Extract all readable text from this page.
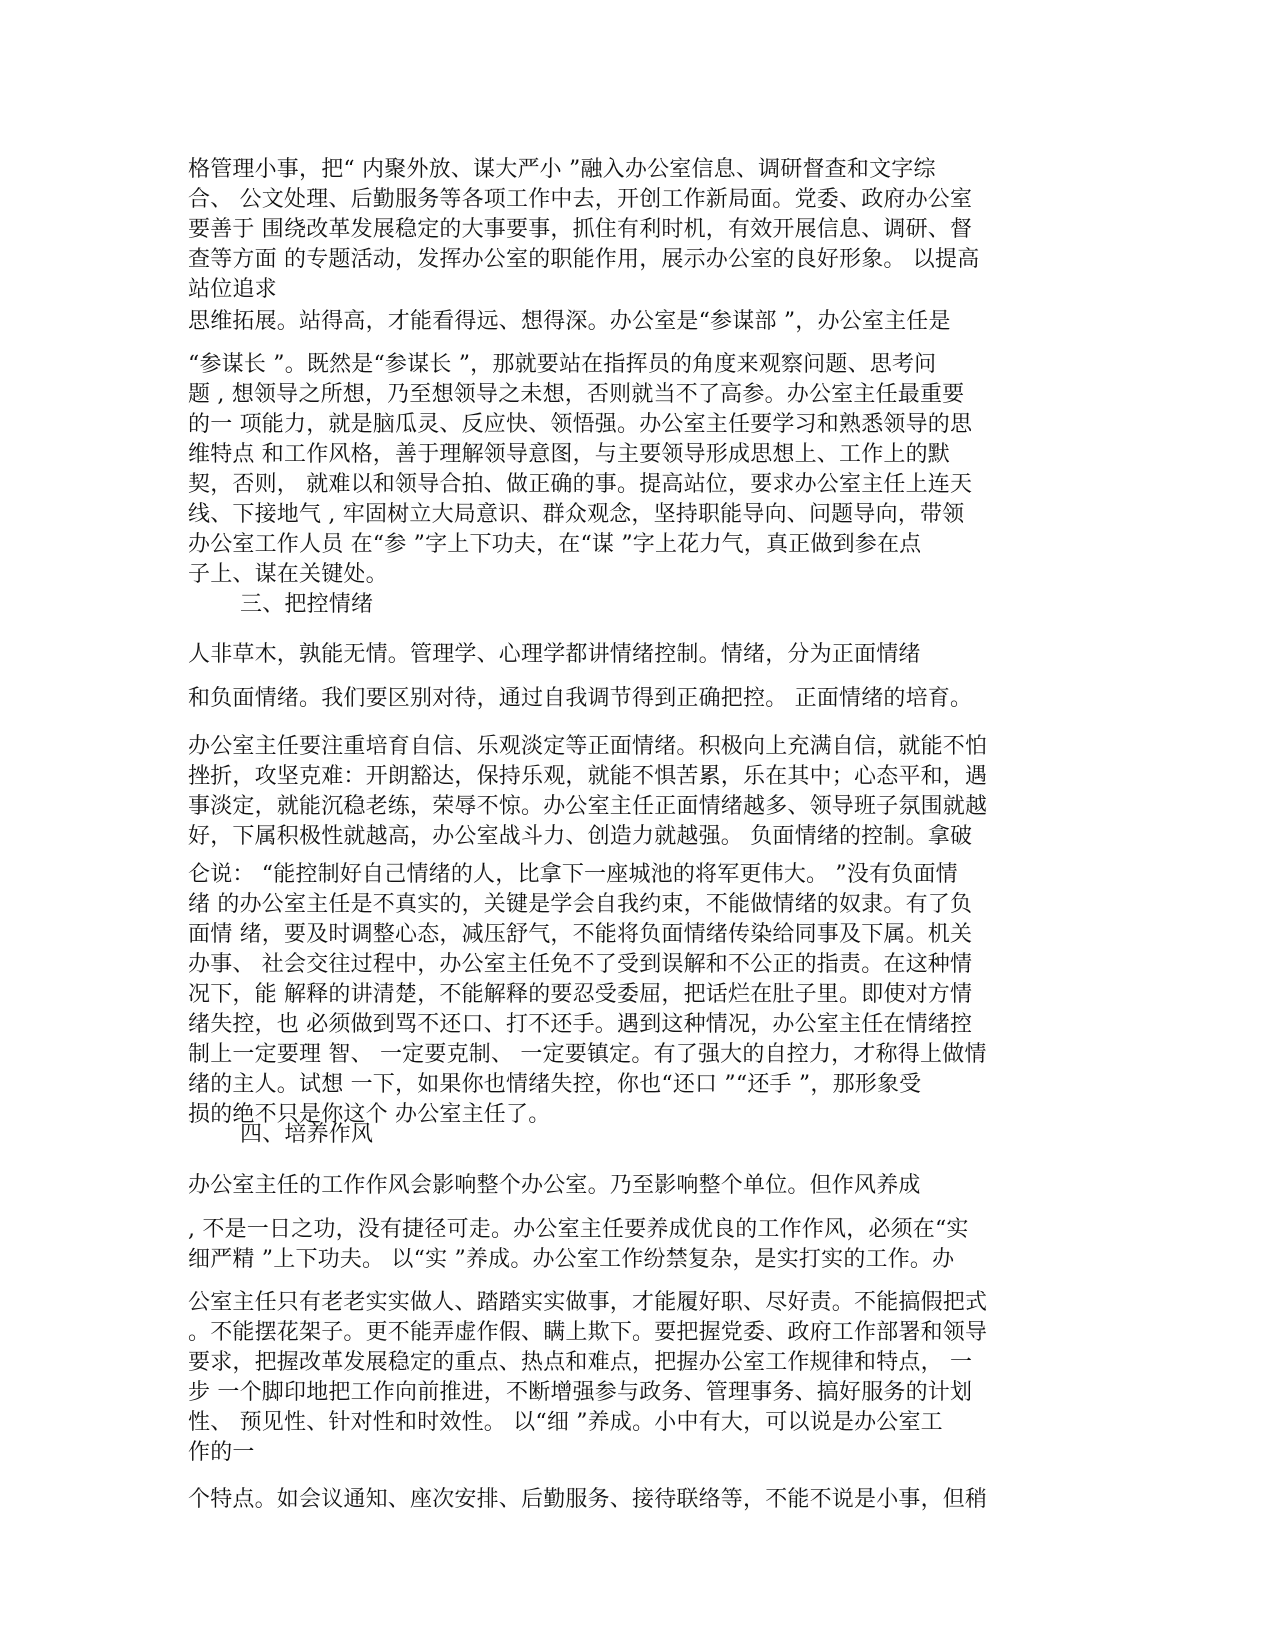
格管理小事，把“ 内聚外放、谋大严小 ”融入办公室信息、调研督查和文字综
合、 公文处理、后勤服务等各项工作中去，开创工作新局面。党委、政府办公室
要善于 围绕改革发展稳定的大事要事，抓住有利时机，有效开展信息、调研、督
查等方面 的专题活动，发挥办公室的职能作用，展示办公室的良好形象。 以提高
站位追求

思维拓展。站得高，才能看得远、想得深。办公室是“参谋部 ”，办公室主任是

“参谋长 ”。既然是“参谋长 ”，那就要站在指挥员的角度来观察问题、思考问
题 , 想领导之所想，乃至想领导之未想，否则就当不了高参。办公室主任最重要
的一 项能力，就是脑瓜灵、反应快、领悟强。办公室主任要学习和熟悉领导的思
维特点 和工作风格，善于理解领导意图，与主要领导形成思想上、工作上的默
契，否则， 就难以和领导合拍、做正确的事。提高站位，要求办公室主任上连天
线、下接地气 , 牢固树立大局意识、群众观念，坚持职能导向、问题导向，带领
办公室工作人员 在“参 ”字上下功夫，在“谋 ”字上花力气，真正做到参在点
子上、谋在关键处。

三、把控情绪

人非草木，孰能无情。管理学、心理学都讲情绪控制。情绪，分为正面情绪

和负面情绪。我们要区别对待，通过自我调节得到正确把控。 正面情绪的培育。

办公室主任要注重培育自信、乐观淡定等正面情绪。积极向上充满自信，就能不怕
挫折，攻坚克难：开朗豁达，保持乐观，就能不惧苦累，乐在其中；心态平和，遇
事淡定，就能沉稳老练，荣辱不惊。办公室主任正面情绪越多、领导班子氛围就越
好，下属积极性就越高，办公室战斗力、创造力就越强。 负面情绪的控制。拿破

仑说： “能控制好自己情绪的人，比拿下一座城池的将军更伟大。 ”没有负面情
绪 的办公室主任是不真实的，关键是学会自我约束，不能做情绪的奴隶。有了负
面情 绪，要及时调整心态，减压舒气，不能将负面情绪传染给同事及下属。机关
办事、 社会交往过程中，办公室主任免不了受到误解和不公正的指责。在这种情
况下，能 解释的讲清楚，不能解释的要忍受委屈，把话烂在肚子里。即使对方情
绪失控，也 必须做到骂不还口、打不还手。遇到这种情况，办公室主任在情绪控
制上一定要理 智、 一定要克制、 一定要镇定。有了强大的自控力，才称得上做情
绪的主人。试想 一下，如果你也情绪失控，你也“还口 ”“还手 ”，那形象受
损的绝不只是你这个 办公室主任了。

四、培养作风

办公室主任的工作作风会影响整个办公室。乃至影响整个单位。但作风养成

, 不是一日之功，没有捷径可走。办公室主任要养成优良的工作作风，必须在“实
细严精 ”上下功夫。 以“实 ”养成。办公室工作纷禁复杂，是实打实的工作。办

公室主任只有老老实实做人、踏踏实实做事，才能履好职、尽好责。不能搞假把式
。不能摆花架子。更不能弄虚作假、瞒上欺下。要把握党委、政府工作部署和领导
要求，把握改革发展稳定的重点、热点和难点，把握办公室工作规律和特点， 一
步 一个脚印地把工作向前推进，不断增强参与政务、管理事务、搞好服务的计划
性、 预见性、针对性和时效性。 以“细 ”养成。小中有大，可以说是办公室工
作的一

个特点。如会议通知、座次安排、后勤服务、接待联络等，不能不说是小事，但稍
